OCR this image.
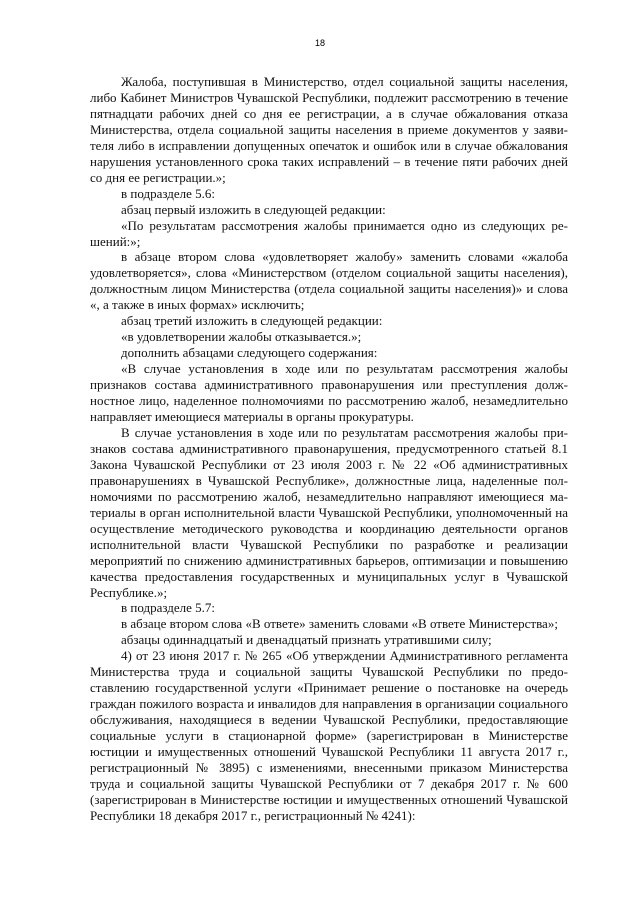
18

Жалоба, поступившая в Министерство, отдел социальной защиты населения, либо Кабинет Министров Чувашской Республики, подлежит рассмотрению в течение пятнадцати рабочих дней со дня ее регистрации, а в случае обжалования отказа Министерства, отдела социальной защиты населения в приеме документов у заявителя либо в исправлении допущенных опечаток и ошибок или в случае обжалования нарушения установленного срока таких исправлений – в течение пяти рабочих дней со дня ее регистрации.»;

в подразделе 5.6:

абзац первый изложить в следующей редакции:

«По результатам рассмотрения жалобы принимается одно из следующих решений:»;

в абзаце втором слова «удовлетворяет жалобу» заменить словами «жалоба удовлетворяется», слова «Министерством (отделом социальной защиты населения), должностным лицом Министерства (отдела социальной защиты населения)» и слова «, а также в иных формах» исключить;

абзац третий изложить в следующей редакции:

«в удовлетворении жалобы отказывается.»;

дополнить абзацами следующего содержания:

«В случае установления в ходе или по результатам рассмотрения жалобы признаков состава административного правонарушения или преступления должностное лицо, наделенное полномочиями по рассмотрению жалоб, незамедлительно направляет имеющиеся материалы в органы прокуратуры.

В случае установления в ходе или по результатам рассмотрения жалобы признаков состава административного правонарушения, предусмотренного статьей 8.1 Закона Чувашской Республики от 23 июля 2003 г. № 22 «Об административных правонарушениях в Чувашской Республике», должностные лица, наделенные полномочиями по рассмотрению жалоб, незамедлительно направляют имеющиеся материалы в орган исполнительной власти Чувашской Республики, уполномоченный на осуществление методического руководства и координацию деятельности органов исполнительной власти Чувашской Республики по разработке и реализации мероприятий по снижению административных барьеров, оптимизации и повышению качества предоставления государственных и муниципальных услуг в Чувашской Республике.»;

в подразделе 5.7:

в абзаце втором слова «В ответе» заменить словами «В ответе Министерства»;

абзацы одиннадцатый и двенадцатый признать утратившими силу;

4) от 23 июня 2017 г. № 265 «Об утверждении Административного регламента Министерства труда и социальной защиты Чувашской Республики по предоставлению государственной услуги «Принимает решение о постановке на очередь граждан пожилого возраста и инвалидов для направления в организации социального обслуживания, находящиеся в ведении Чувашской Республики, предоставляющие социальные услуги в стационарной форме» (зарегистрирован в Министерстве юстиции и имущественных отношений Чувашской Республики 11 августа 2017 г., регистрационный № 3895) с изменениями, внесенными приказом Министерства труда и социальной защиты Чувашской Республики от 7 декабря 2017 г. № 600 (зарегистрирован в Министерстве юстиции и имущественных отношений Чувашской Республики 18 декабря 2017 г., регистрационный № 4241):
